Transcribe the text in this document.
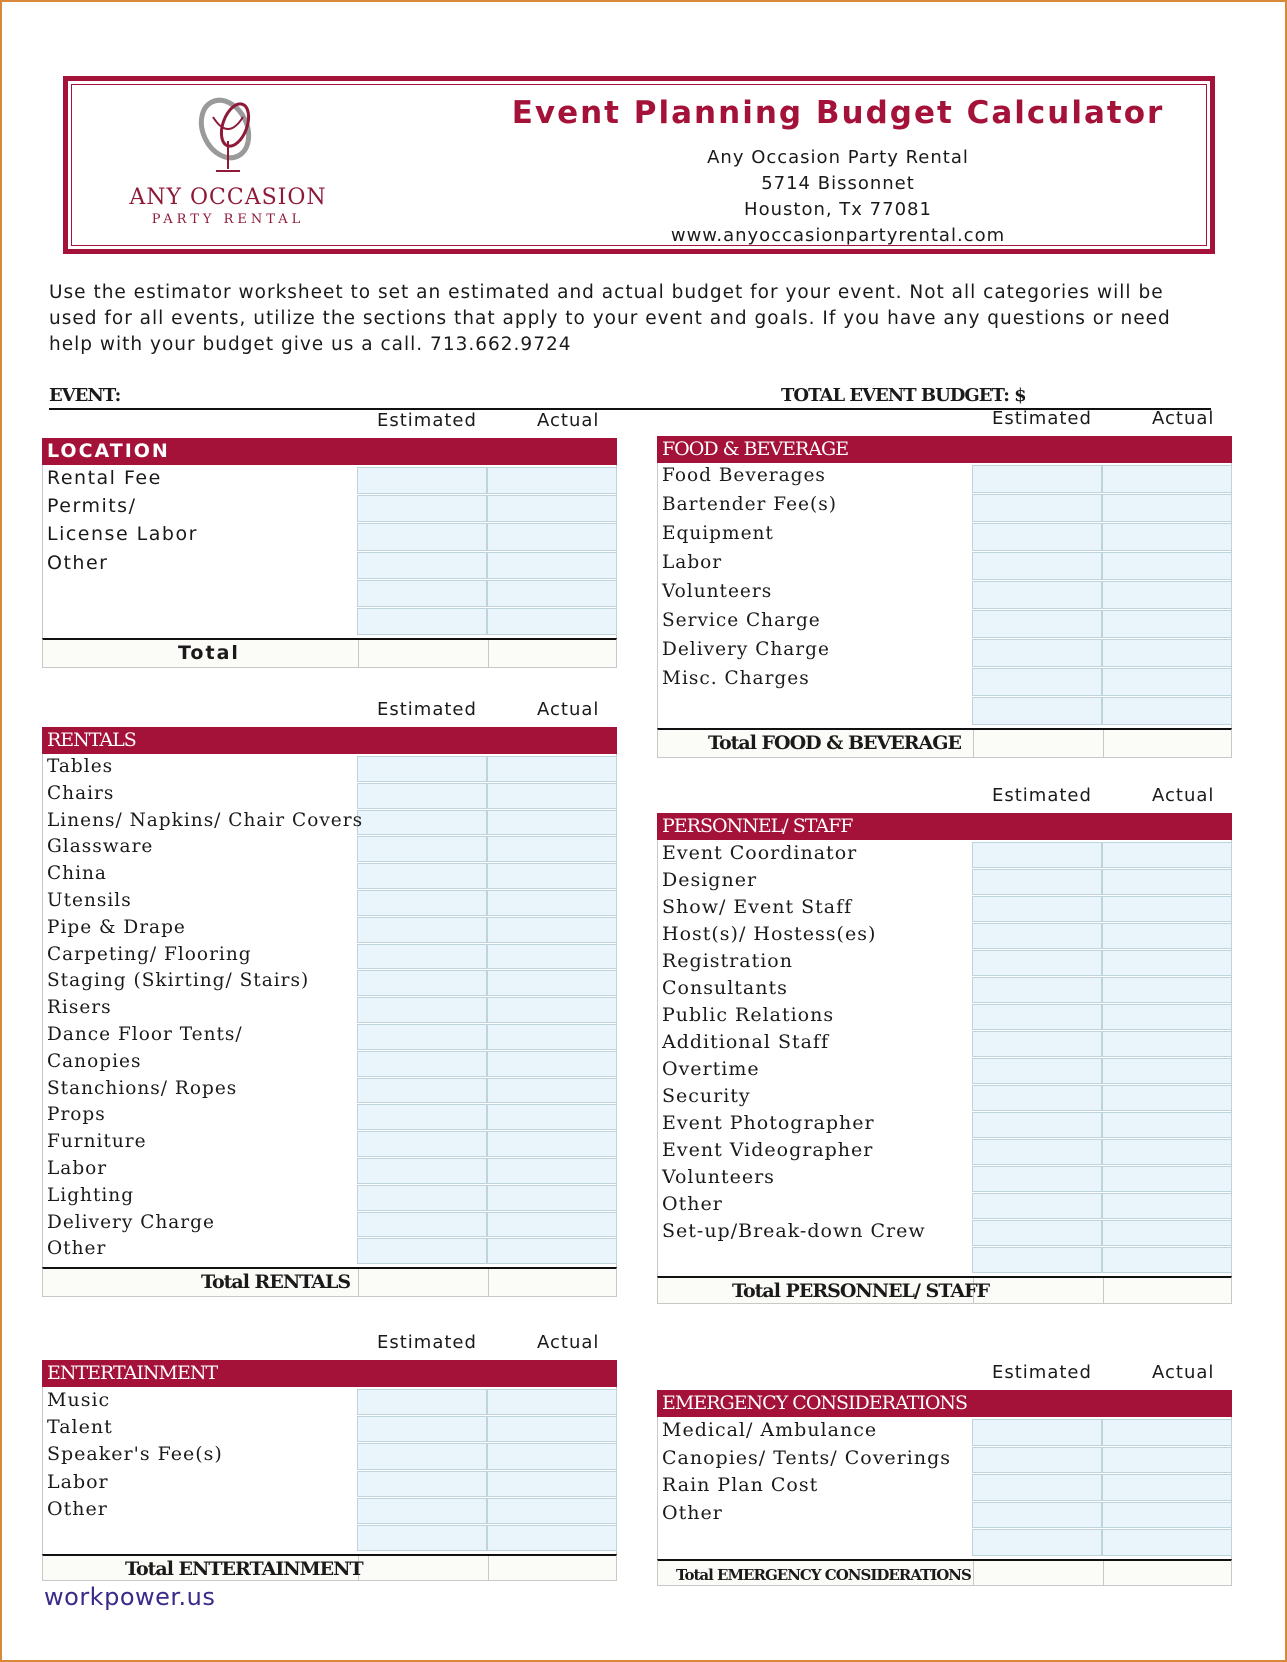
ANY OCCASION
PARTY RENTAL
Event Planning Budget Calculator
Any Occasion Party Rental
5714 Bissonnet
Houston, Tx 77081
www.anyoccasionpartyrental.com
Use the estimator worksheet to set an estimated and actual budget for your event. Not all categories will be
used for all events, utilize the sections that apply to your event and goals. If you have any questions or need
help with your budget give us a call. 713.662.9724
EVENT:	TOTAL EVENT BUDGET: $
Estimated	Actual
LOCATION
Rental Fee
Permits/
License Labor
Other
Total
Estimated	Actual
RENTALS
Tables
Chairs
Linens/ Napkins/ Chair Covers
Glassware
China
Utensils
Pipe & Drape
Carpeting/ Flooring
Staging (Skirting/ Stairs)
Risers
Dance Floor Tents/
Canopies
Stanchions/ Ropes
Props
Furniture
Labor
Lighting
Delivery Charge
Other
Total RENTALS
Estimated	Actual
ENTERTAINMENT
Music
Talent
Speaker's Fee(s)
Labor
Other
Total ENTERTAINMENT
Estimated	Actual
FOOD & BEVERAGE
Food Beverages
Bartender Fee(s)
Equipment
Labor
Volunteers
Service Charge
Delivery Charge
Misc. Charges
Total FOOD & BEVERAGE
Estimated	Actual
PERSONNEL/ STAFF
Event Coordinator
Designer
Show/ Event Staff
Host(s)/ Hostess(es)
Registration
Consultants
Public Relations
Additional Staff
Overtime
Security
Event Photographer
Event Videographer
Volunteers
Other
Set-up/Break-down Crew
Total PERSONNEL/ STAFF
Estimated	Actual
EMERGENCY CONSIDERATIONS
Medical/ Ambulance
Canopies/ Tents/ Coverings
Rain Plan Cost
Other
Total EMERGENCY CONSIDERATIONS
workpower.us
